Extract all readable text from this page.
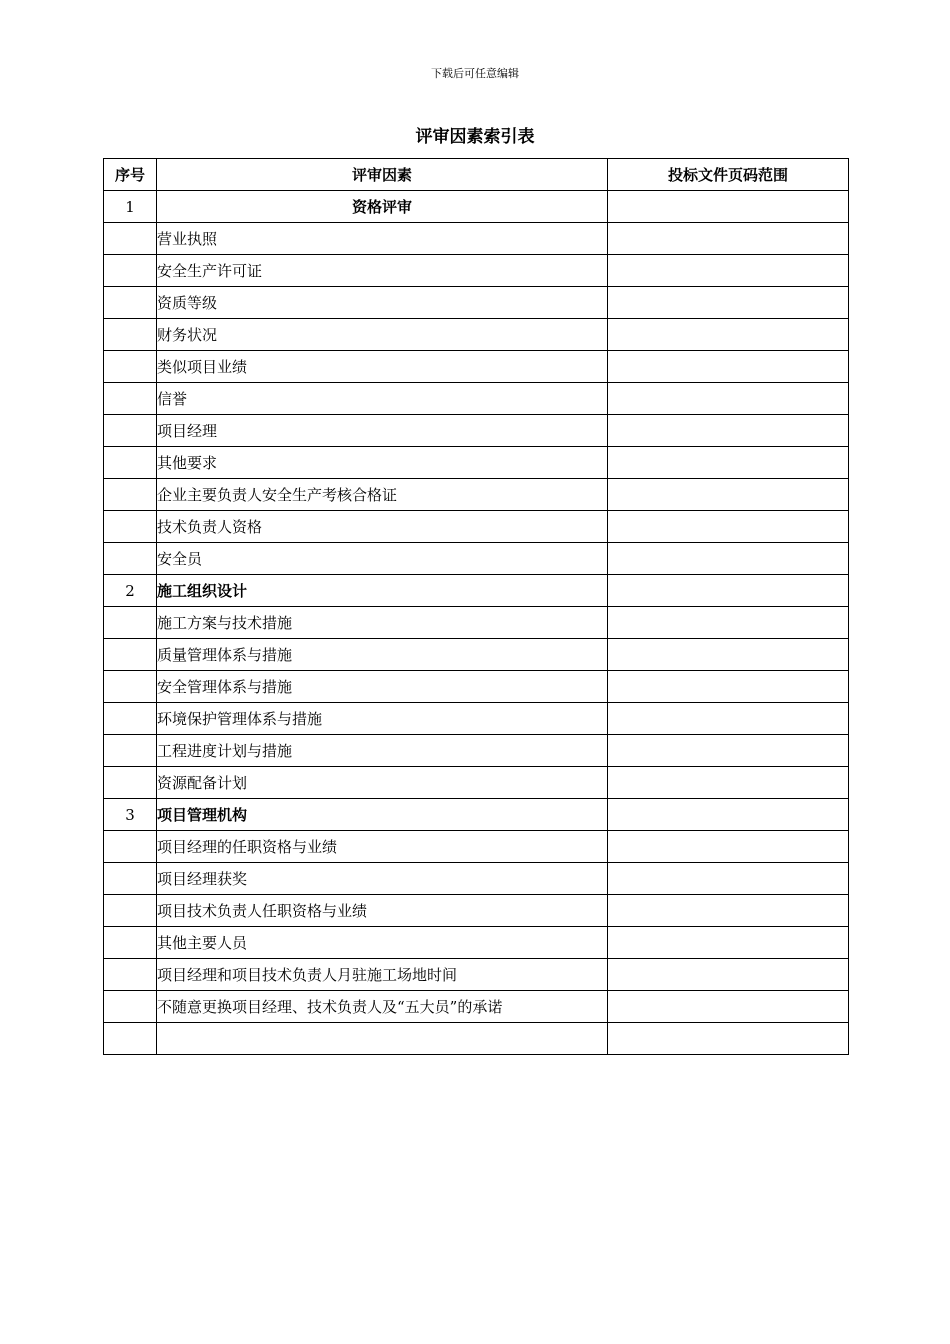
下载后可任意编辑
评审因素索引表
序号	评审因素	投标文件页码范围
1	资格评审	
	营业执照	
	安全生产许可证	
	资质等级	
	财务状况	
	类似项目业绩	
	信誉	
	项目经理	
	其他要求	
	企业主要负责人安全生产考核合格证	
	技术负责人资格	
	安全员	
2	施工组织设计	
	施工方案与技术措施	
	质量管理体系与措施	
	安全管理体系与措施	
	环境保护管理体系与措施	
	工程进度计划与措施	
	资源配备计划	
3	项目管理机构	
	项目经理的任职资格与业绩	
	项目经理获奖	
	项目技术负责人任职资格与业绩	
	其他主要人员	
	项目经理和项目技术负责人月驻施工场地时间	
	不随意更换项目经理、技术负责人及“五大员”的承诺	
